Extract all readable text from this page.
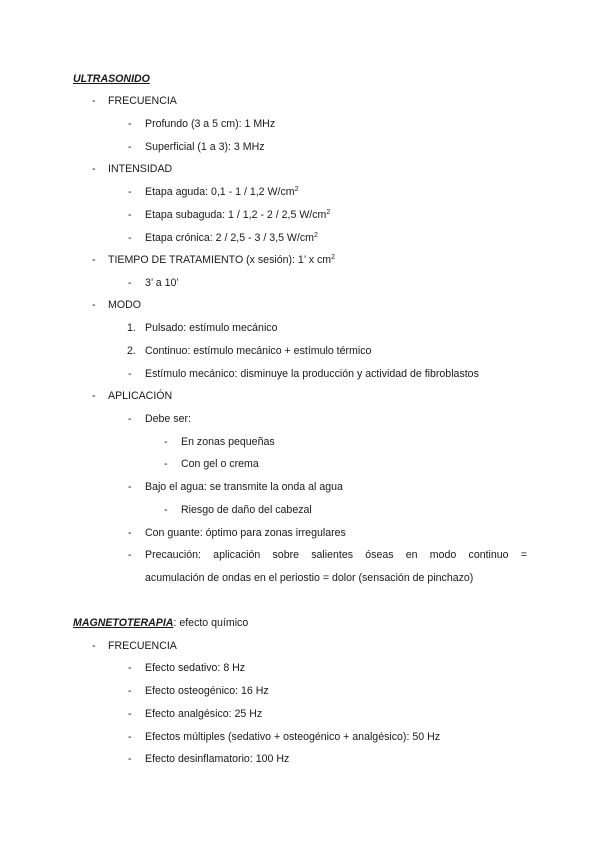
ULTRASONIDO
- FRECUENCIA
- Profundo (3 a 5 cm): 1 MHz
- Superficial (1 a 3): 3 MHz
- INTENSIDAD
- Etapa aguda: 0,1 - 1 / 1,2 $W/cm^2$
- Etapa subaguda: 1 / 1,2 - 2 / 2,5 $W/cm^2$
- Etapa crónica: 2 / 2,5 - 3 / 3,5 $W/cm^2$
- TIEMPO DE TRATAMIENTO (x sesión): 1’ x $cm^2$
- 3’ a 10’
- MODO
1. Pulsado: estímulo mecánico
2. Continuo: estímulo mecánico + estímulo térmico
- Estímulo mecánico: disminuye la producción y actividad de fibroblastos
- APLICACIÓN
- Debe ser:
- En zonas pequeñas
- Con gel o crema
- Bajo el agua: se transmite la onda al agua
- Riesgo de daño del cabezal
- Con guante: óptimo para zonas irregulares
- Precaución: aplicación sobre salientes óseas en modo continuo =
acumulación de ondas en el periostio = dolor (sensación de pinchazo)
MAGNETOTERAPIA: efecto químico
- FRECUENCIA
- Efecto sedativo: 8 Hz
- Efecto osteogénico: 16 Hz
- Efecto analgésico: 25 Hz
- Efectos múltiples (sedativo + osteogénico + analgésico): 50 Hz
- Efecto desinflamatorio: 100 Hz
